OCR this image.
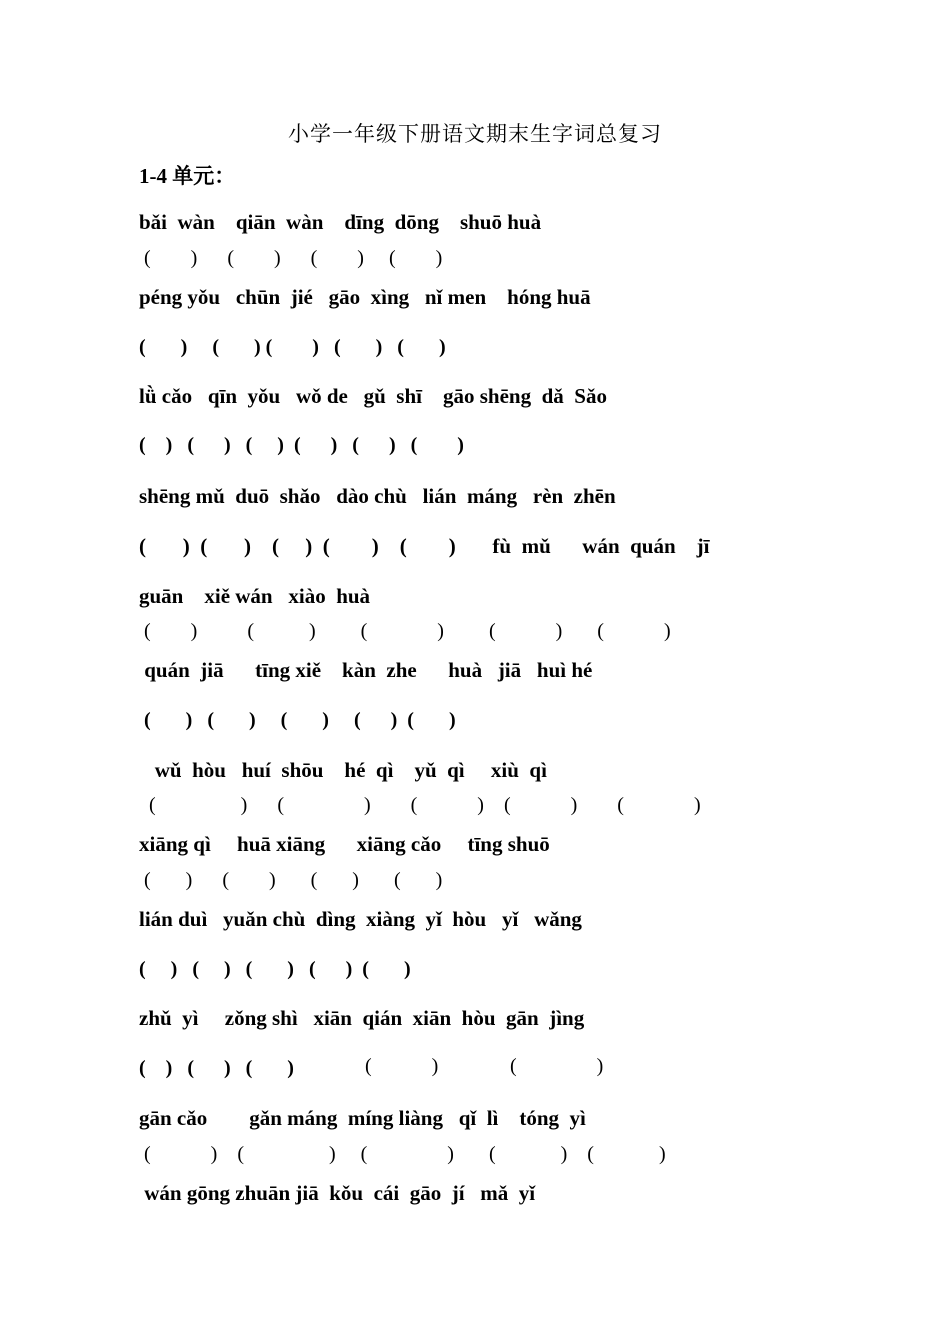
小学一年级下册语文期末生字词总复习
1-4 单元：
bǎi  wàn    qiān  wàn    dīng  dōng    shuō huà
(        )      (        )      (        )     (        )
péng yǒu   chūn  jié   gāo  xìng   nǐ men    hóng huā
(       )     (       ) (        )   (       )   (       )
lǜ cǎo   qīn  yǒu   wǒ de   gǔ  shī    gāo shēng  dǎ  Sǎo
(    )   (      )   (     )  (      )   (      )   (        )
shēng mǔ  duō  shǎo   dào chù   lián  máng   rèn  zhēn
(       )  (       )    (     )  (        )    (        )       fù  mǔ      wán  quán    jī
guān    xiě wán   xiào  huà
(        )          (           )         (              )         (            )       (            )
quán  jiā      tīng xiě    kàn  zhe      huà   jiā   huì hé
(       )   (       )     (       )     (      )  (       )
wǔ  hòu   huí  shōu    hé  qì    yǔ  qì     xiù  qì
(                 )      (                )        (            )    (            )        (              )
xiāng qì     huā xiāng      xiāng cǎo     tīng shuō
(       )      (        )       (       )       (       )
lián duì   yuǎn chù  dìng  xiàng  yǐ  hòu   yǐ   wǎng
(     )   (     )   (       )   (      )  (       )
zhǔ  yì     zǒng shì   xiān  qián  xiān  hòu  gān  jìng
(    )   (      )   (       )	(            )	(                )
gān cǎo        gǎn máng  míng liàng   qǐ  lì    tóng  yì
(            )    (                 )     (                )       (             )    (             )
wán gōng zhuān jiā  kǒu  cái  gāo  jí   mǎ  yǐ
